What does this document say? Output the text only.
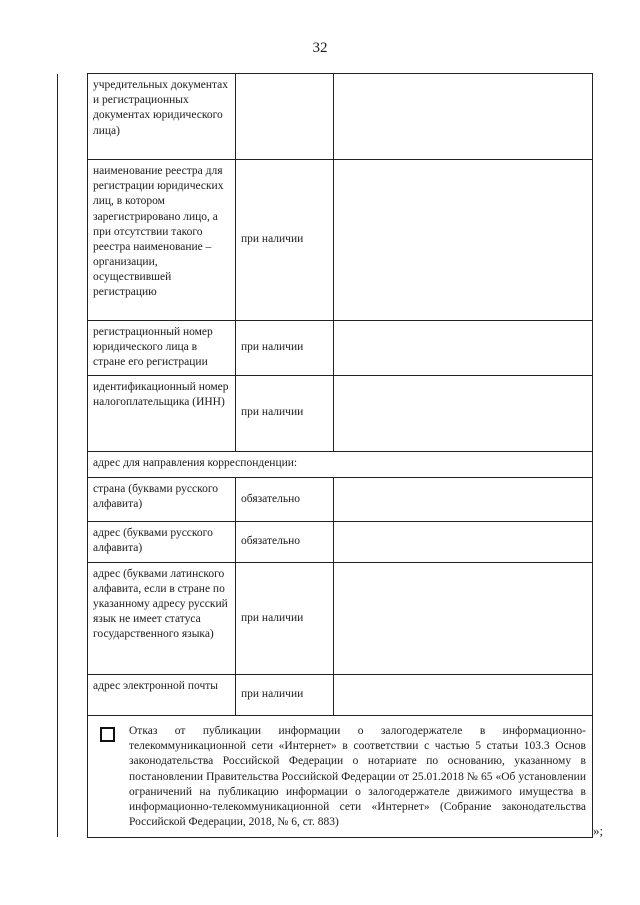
32
	учредительных документах и регистрационных документах юридического лица)		
	наименование реестра для регистрации юридических лиц, в котором зарегистрировано лицо, а при отсутствии такого реестра наименование – организации, осуществившей регистрацию	при наличии	
	регистрационный номер юридического лица в стране его регистрации	при наличии	
	идентификационный номер налогоплательщика (ИНН)	при наличии	
	адрес для направления корреспонденции:		
	страна (буквами русского алфавита)	обязательно	
	адрес (буквами русского алфавита)	обязательно	
	адрес (буквами латинского алфавита, если в стране по указанному адресу русский язык не имеет статуса государственного языка)	при наличии	
	адрес электронной почты	при наличии	

	Отказ от публикации информации о залогодержателе в информационно-телекоммуникационной сети «Интернет» в соответствии с частью 5 статьи 103.3 Основ законодательства Российской Федерации о нотариате по основанию, указанному в постановлении Правительства Российской Федерации от 25.01.2018 № 65 «Об установлении ограничений на публикацию информации о залогодержателе движимого имущества в информационно-телекоммуникационной сети «Интернет» (Собрание законодательства Российской Федерации, 2018, № 6, ст. 883)		
»;
